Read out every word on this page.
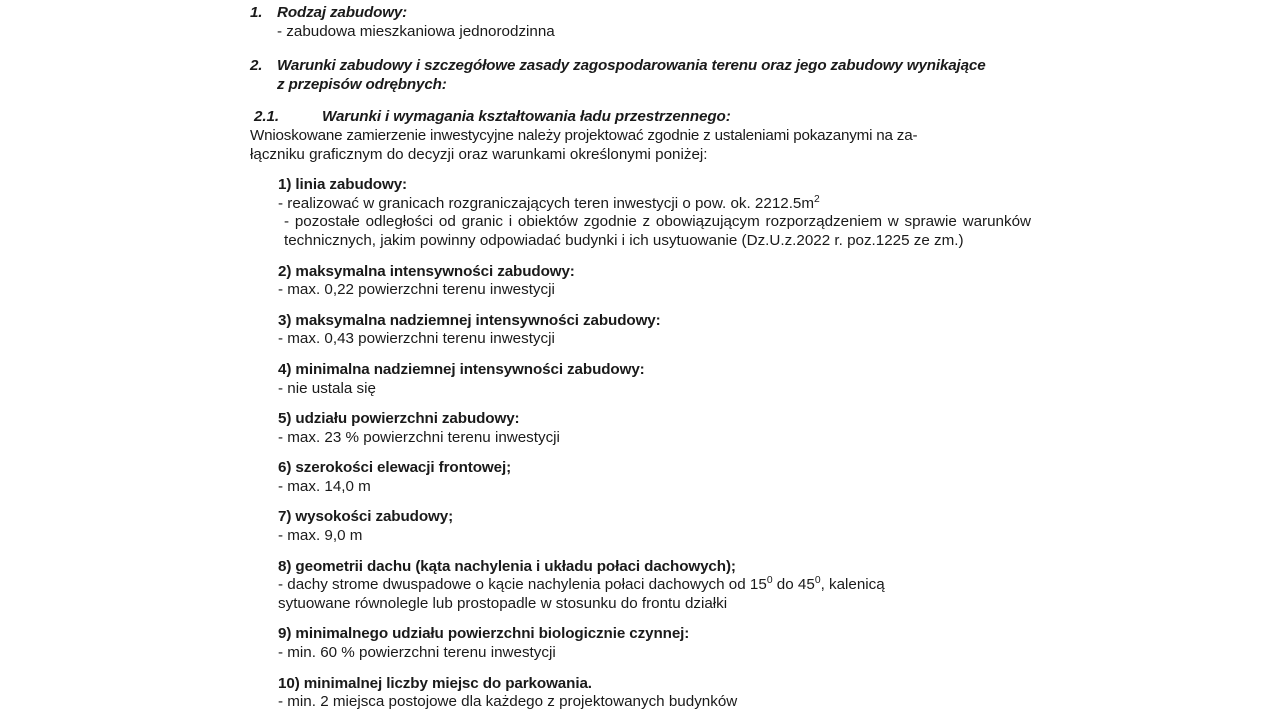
1. Rodzaj zabudowy:
- zabudowa mieszkaniowa jednorodzinna
2. Warunki zabudowy i szczegółowe zasady zagospodarowania terenu oraz jego zabudowy wynikające
z przepisów odrębnych:
2.1.	Warunki i wymagania kształtowania ładu przestrzennego:
Wnioskowane zamierzenie inwestycyjne należy projektować zgodnie z ustaleniami pokazanymi na za-
łączniku graficznym do decyzji oraz warunkami określonymi poniżej:
1) linia zabudowy:
- realizować w granicach rozgraniczających teren inwestycji o pow. ok. $2212.5m^2$
- pozostałe odległości od granic i obiektów zgodnie z obowiązującym rozporządzeniem w sprawie warunków technicznych, jakim powinny odpowiadać budynki i ich usytuowanie (Dz.U.z.2022 r. poz.1225 ze zm.)
2) maksymalna intensywności zabudowy:
- max. 0,22 powierzchni terenu inwestycji
3) maksymalna nadziemnej intensywności zabudowy:
- max. 0,43 powierzchni terenu inwestycji
4) minimalna nadziemnej intensywności zabudowy:
- nie ustala się
5) udziału powierzchni zabudowy:
- max. 23 % powierzchni terenu inwestycji
6) szerokości elewacji frontowej;
- max. 14,0 m
7) wysokości zabudowy;
- max. 9,0 m
8) geometrii dachu (kąta nachylenia i układu połaci dachowych);
- dachy strome dwuspadowe o kącie nachylenia połaci dachowych od $15^0$ do $45^0$, kalenicą
sytuowane równolegle lub prostopadle w stosunku do frontu działki
9) minimalnego udziału powierzchni biologicznie czynnej:
- min. 60 % powierzchni terenu inwestycji
10) minimalnej liczby miejsc do parkowania.
- min. 2 miejsca postojowe dla każdego z projektowanych budynków
